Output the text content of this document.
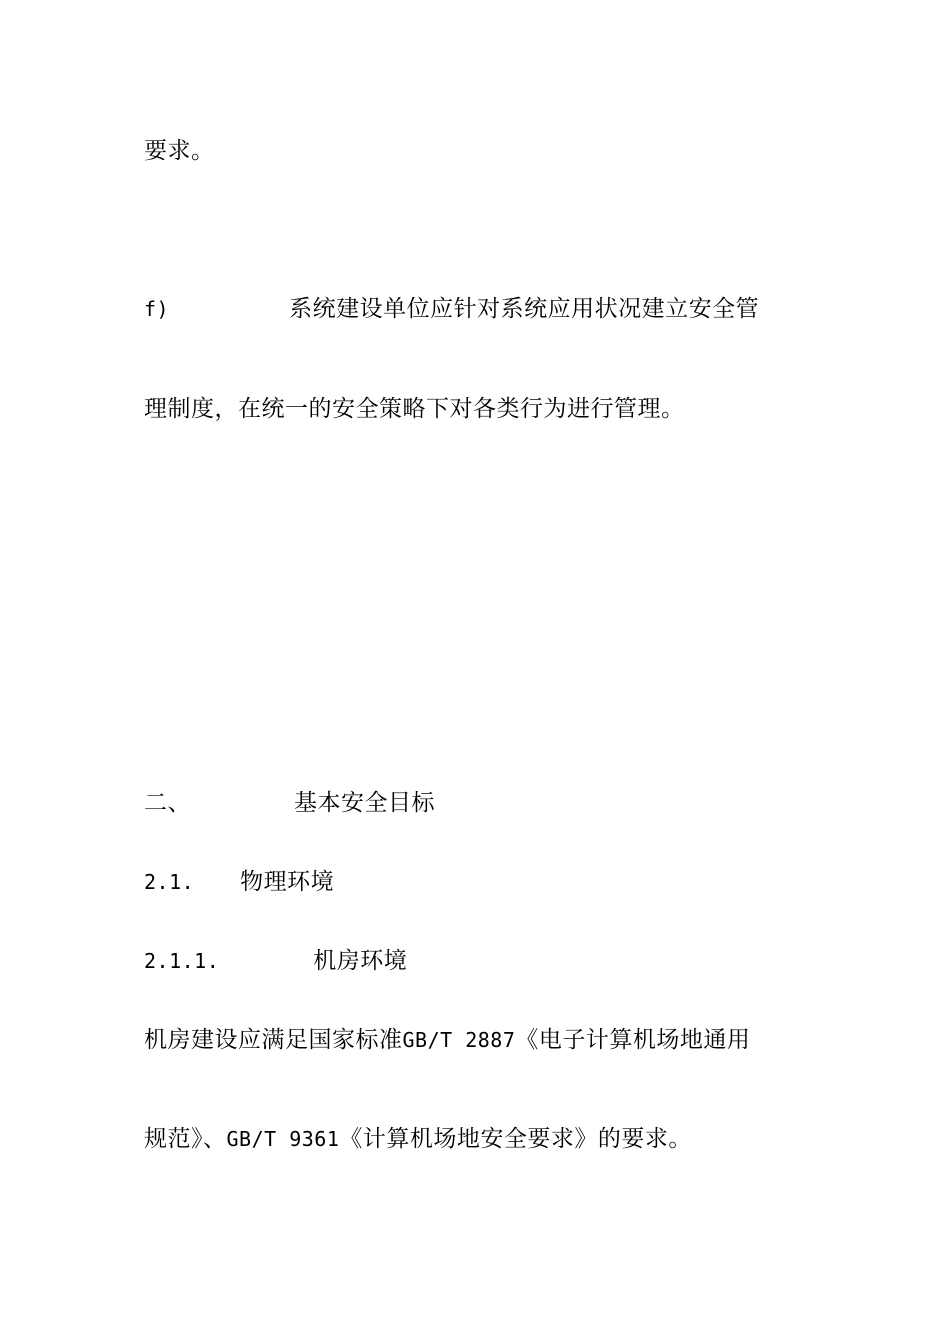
要求。
f)	系统建设单位应针对系统应用状况建立安全管
理制度，在统一的安全策略下对各类行为进行管理。
二、	基本安全目标
2.1. 物理环境
2.1.1.	机房环境
机房建设应满足国家标准GB/T 2887《电子计算机场地通用
规范》、GB/T 9361《计算机场地安全要求》的要求。
